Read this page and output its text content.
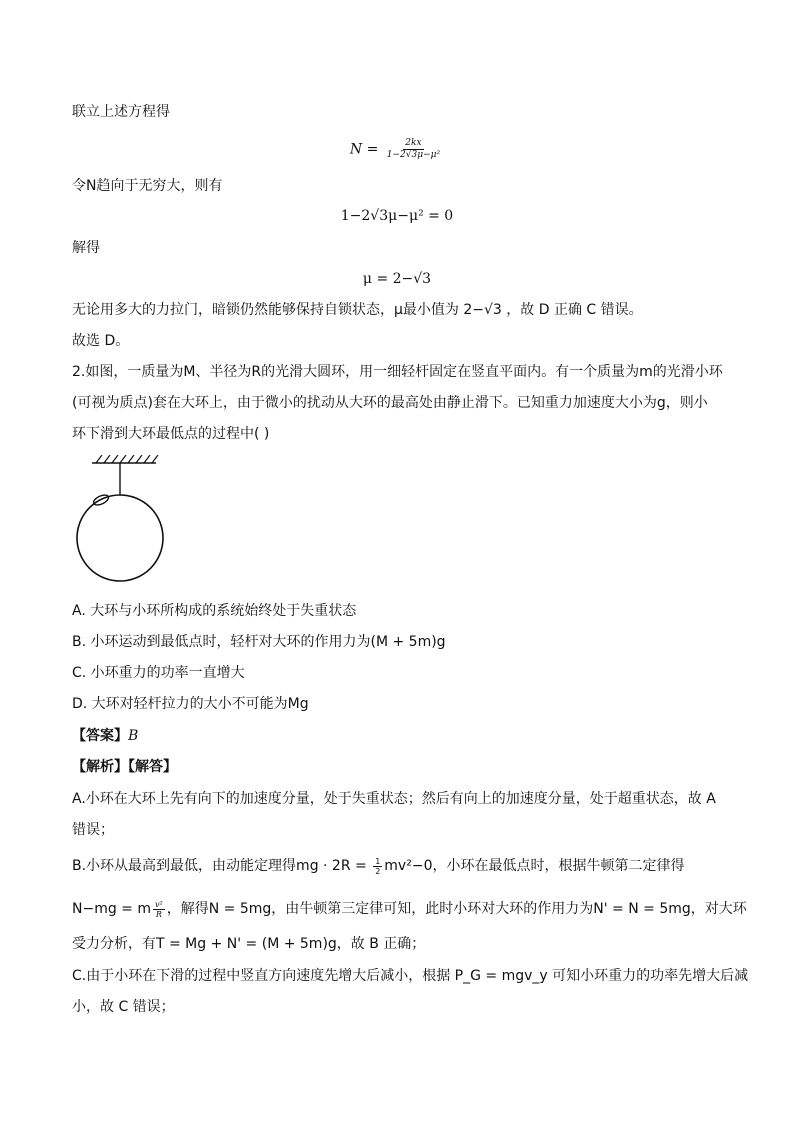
联立上述方程得
$N = \frac{2kx}{\text{1−2√3μ−μ²}}$
令N趋向于无穷大，则有
1−2√3μ−μ² = 0
解得
μ = 2−√3
无论用多大的力拉门，暗锁仍然能够保持自锁状态，μ最小值为 2−√3 ，故 D 正确 C 错误。
故选 D。
2.如图，一质量为M、半径为R的光滑大圆环，用一细轻杆固定在竖直平面内。有一个质量为m的光滑小环
(可视为质点)套在大环上，由于微小的扰动从大环的最高处由静止滑下。已知重力加速度大小为g，则小
环下滑到大环最低点的过程中( )
A. 大环与小环所构成的系统始终处于失重状态
B. 小环运动到最低点时，轻杆对大环的作用力为(M + 5m)g
C. 小环重力的功率一直增大
D. 大环对轻杆拉力的大小不可能为Mg
【答案】B
【解析】【解答】
A.小环在大环上先有向下的加速度分量，处于失重状态；然后有向上的加速度分量，处于超重状态，故 A
错误；
B.小环从最高到最低，由动能定理得mg · $2R = \frac{1}{2} mv^2-0$，小环在最低点时，根据牛顿第二定律得
N−mg = m $\frac{\text{v²}}{R}$ ，解得N = 5mg，由牛顿第三定律可知，此时小环对大环的作用力为N' = N = 5mg，对大环
受力分析，有T = Mg + N' = (M + 5m)g，故 B 正确；
C.由于小环在下滑的过程中竖直方向速度先增大后减小，根据 P_G = mgv_y 可知小环重力的功率先增大后减
小，故 C 错误；
